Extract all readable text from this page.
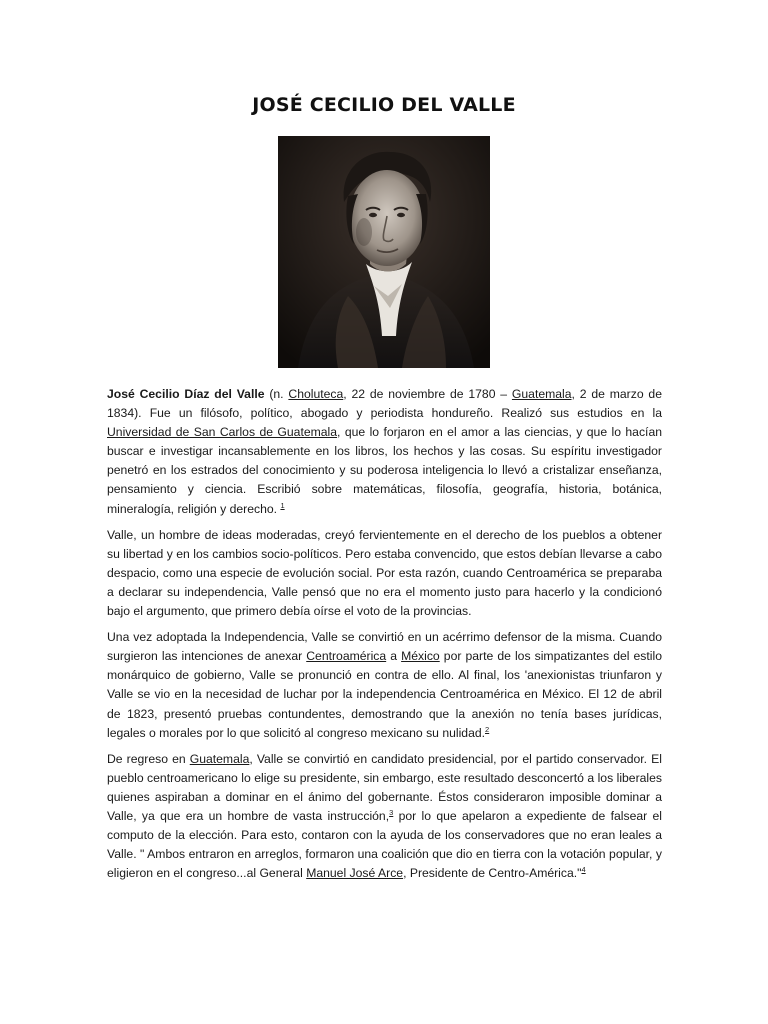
JOSÉ CECILIO DEL VALLE

José Cecilio Díaz del Valle (n. Choluteca, 22 de noviembre de 1780 – Guatemala, 2 de marzo de 1834). Fue un filósofo, político, abogado y periodista hondureño. Realizó sus estudios en la Universidad de San Carlos de Guatemala, que lo forjaron en el amor a las ciencias, y que lo hacían buscar e investigar incansablemente en los libros, los hechos y las cosas. Su espíritu investigador penetró en los estrados del conocimiento y su poderosa inteligencia lo llevó a cristalizar enseñanza, pensamiento y ciencia. Escribió sobre matemáticas, filosofía, geografía, historia, botánica, mineralogía, religión y derecho. $^1$

Valle, un hombre de ideas moderadas, creyó fervientemente en el derecho de los pueblos a obtener su libertad y en los cambios socio-políticos. Pero estaba convencido, que estos debían llevarse a cabo despacio, como una especie de evolución social. Por esta razón, cuando Centroamérica se preparaba a declarar su independencia, Valle pensó que no era el momento justo para hacerlo y la condicionó bajo el argumento, que primero debía oírse el voto de la provincias.

Una vez adoptada la Independencia, Valle se convirtió en un acérrimo defensor de la misma. Cuando surgieron las intenciones de anexar Centroamérica a México por parte de los simpatizantes del estilo monárquico de gobierno, Valle se pronunció en contra de ello. Al final, los 'anexionistas triunfaron y Valle se vio en la necesidad de luchar por la independencia Centroamérica en México. El 12 de abril de 1823, presentó pruebas contundentes, demostrando que la anexión no tenía bases jurídicas, legales o morales por lo que solicitó al congreso mexicano su nulidad.$^2$

De regreso en Guatemala, Valle se convirtió en candidato presidencial, por el partido conservador. El pueblo centroamericano lo elige su presidente, sin embargo, este resultado desconcertó a los liberales quienes aspiraban a dominar en el ánimo del gobernante. Éstos consideraron imposible dominar a Valle, ya que era un hombre de vasta instrucción,$^3$ por lo que apelaron a expediente de falsear el computo de la elección. Para esto, contaron con la ayuda de los conservadores que no eran leales a Valle. " Ambos entraron en arreglos, formaron una coalición que dio en tierra con la votación popular, y eligieron en el congreso...al General Manuel José Arce, Presidente de Centro-América."$^4$
